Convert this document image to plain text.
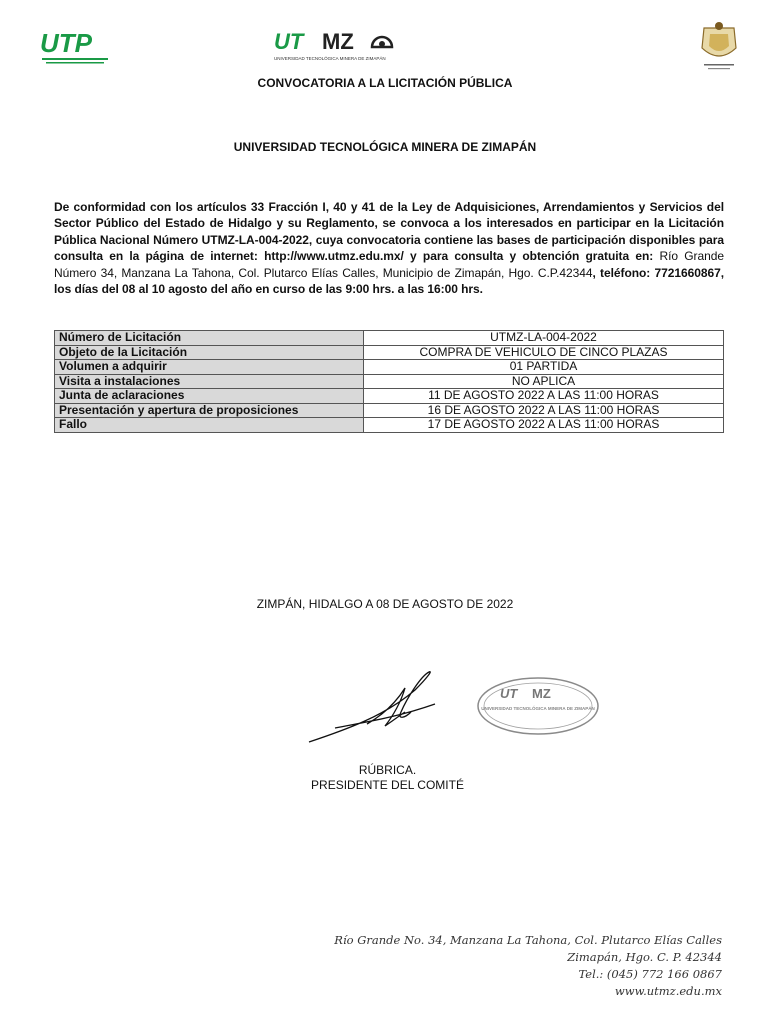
UTP	UT MZ
UNIVERSIDAD TECNOLÓGICA MINERA DE ZIMAPÁN
CONVOCATORIA A LA LICITACIÓN PÚBLICA
UNIVERSIDAD TECNOLÓGICA MINERA DE ZIMAPÁN
De conformidad con los artículos 33 Fracción I, 40 y 41 de la Ley de Adquisiciones, Arrendamientos y Servicios del Sector Público del Estado de Hidalgo y su Reglamento, se convoca a los interesados en participar en la Licitación Pública Nacional Número UTMZ-LA-004-2022, cuya convocatoria contiene las bases de participación disponibles para consulta en la página de internet: http://www.utmz.edu.mx/ y para consulta y obtención gratuita en: Río Grande Número 34, Manzana La Tahona, Col. Plutarco Elías Calles, Municipio de Zimapán, Hgo. C.P.42344, teléfono: 7721660867, los días del 08 al 10 agosto del año en curso de las 9:00 hrs. a las 16:00 hrs.
Número de Licitación	UTMZ-LA-004-2022
Objeto de la Licitación	COMPRA DE VEHICULO DE CINCO PLAZAS
Volumen a adquirir	01 PARTIDA
Visita a instalaciones	NO APLICA
Junta de aclaraciones	11 DE AGOSTO 2022 A LAS 11:00 HORAS
Presentación y apertura de proposiciones	16 DE AGOSTO 2022 A LAS 11:00 HORAS
Fallo	17 DE AGOSTO 2022 A LAS 11:00 HORAS
ZIMPÁN, HIDALGO A 08 DE AGOSTO DE 2022
UT MZ
UNIVERSIDAD TECNOLÓGICA MINERA DE ZIMAPÁN
RÚBRICA.
PRESIDENTE DEL COMITÉ
Río Grande No. 34, Manzana La Tahona, Col. Plutarco Elías Calles
Zimapán, Hgo. C. P. 42344
Tel.: (045) 772 166 0867
www.utmz.edu.mx
